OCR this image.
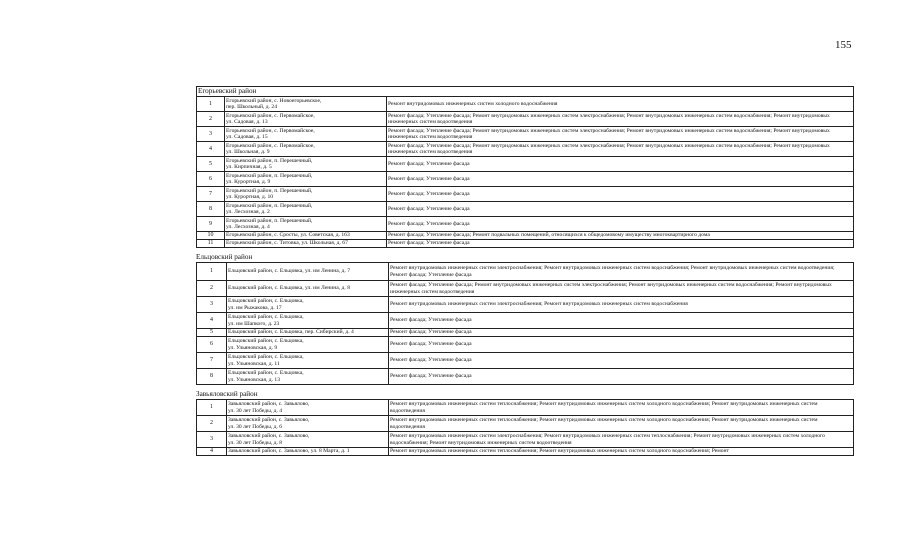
155
Егорьевский район
1	Егорьевский район, с. Новоегорьевское,
пер. Школьный, д. 24	Ремонт внутридомовых инженерных систем холодного водоснабжения
2	Егорьевский район, с. Первомайское,
ул. Садовая, д. 13	Ремонт фасада; Утепление фасада; Ремонт внутридомовых инженерных систем электроснабжения; Ремонт внутридомовых инженерных систем водоснабжения; Ремонт внутридомовых инженерных систем водоотведения
3	Егорьевский район, с. Первомайское,
ул. Садовая, д. 15	Ремонт фасада; Утепление фасада; Ремонт внутридомовых инженерных систем электроснабжения; Ремонт внутридомовых инженерных систем водоснабжения; Ремонт внутридомовых инженерных систем водоотведения
4	Егорьевский район, с. Первомайское,
ул. Школьная, д. 9	Ремонт фасада; Утепление фасада; Ремонт внутридомовых инженерных систем электроснабжения; Ремонт внутридомовых инженерных систем водоснабжения; Ремонт внутридомовых инженерных систем водоотведения
5	Егорьевский район, п. Перешечный,
ул. Кирпичная, д. 5	Ремонт фасада; Утепление фасада
6	Егорьевский район, п. Перешечный,
ул. Курортная, д. 9	Ремонт фасада; Утепление фасада
7	Егорьевский район, п. Перешечный,
ул. Курортная, д. 10	Ремонт фасада; Утепление фасада
8	Егорьевский район, п. Перешечный,
ул. Лесхозная, д. 2	Ремонт фасада; Утепление фасада
9	Егорьевский район, п. Перешечный,
ул. Лесхозная, д. 4	Ремонт фасада; Утепление фасада
10	Егорьевский район, с. Сросты, ул. Советская, д. 163	Ремонт фасада; Утепление фасада; Ремонт подвальных помещений, относящихся к общедомовому имуществу многоквартирного дома
11	Егорьевский район, с. Титовка, ул. Школьная, д. 67	Ремонт фасада; Утепление фасада
Ельцовский район
1	Ельцовский район, с. Ельцовка, ул. им Ленина, д. 7	Ремонт внутридомовых инженерных систем электроснабжения; Ремонт внутридомовых инженерных систем водоснабжения; Ремонт внутридомовых инженерных систем водоотведения; Ремонт фасада; Утепление фасада
2	Ельцовский район, с. Ельцовка, ул. им Ленина, д. 8	Ремонт фасада; Утепление фасада; Ремонт внутридомовых инженерных систем электроснабжения; Ремонт внутридомовых инженерных систем водоснабжения; Ремонт внутридомовых инженерных систем водоотведения
3	Ельцовский район, с. Ельцовка,
ул. им Рыжакова, д. 17	Ремонт внутридомовых инженерных систем электроснабжения; Ремонт внутридомовых инженерных систем водоснабжения
4	Ельцовский район, с. Ельцовка,
ул. им Шапкого, д. 23	Ремонт фасада; Утепление фасада
5	Ельцовский район, с. Ельцовка, пер. Сибирский, д. 4	Ремонт фасада; Утепление фасада
6	Ельцовский район, с. Ельцовка,
ул. Ульяновская, д. 9	Ремонт фасада; Утепление фасада
7	Ельцовский район, с. Ельцовка,
ул. Ульяновская, д. 11	Ремонт фасада; Утепление фасада
8	Ельцовский район, с. Ельцовка,
ул. Ульяновская, д. 13	Ремонт фасада; Утепление фасада
Завьяловский район
1	Завьяловский район, с. Завьялово,
ул. 30 лет Победы, д. 4	Ремонт внутридомовых инженерных систем теплоснабжения; Ремонт внутридомовых инженерных систем холодного водоснабжения; Ремонт внутридомовых инженерных систем водоотведения
2	Завьяловский район, с. Завьялово,
ул. 30 лет Победы, д. 6	Ремонт внутридомовых инженерных систем теплоснабжения; Ремонт внутридомовых инженерных систем холодного водоснабжения; Ремонт внутридомовых инженерных систем водоотведения
3	Завьяловский район, с. Завьялово,
ул. 30 лет Победы, д. 8	Ремонт внутридомовых инженерных систем электроснабжения; Ремонт внутридомовых инженерных систем теплоснабжения; Ремонт внутридомовых инженерных систем холодного водоснабжения; Ремонт внутридомовых инженерных систем водоотведения
4	Завьяловский район, с. Завьялово, ул. 8 Марта, д. 1	Ремонт внутридомовых инженерных систем теплоснабжения; Ремонт внутридомовых инженерных систем холодного водоснабжения; Ремонт
